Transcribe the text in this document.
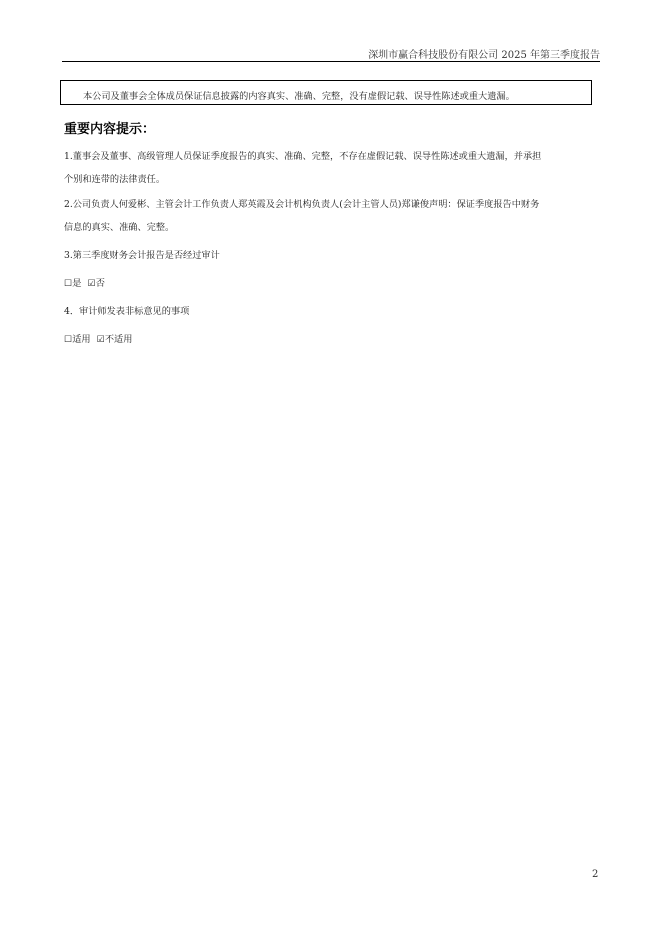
深圳市赢合科技股份有限公司 2025 年第三季度报告
本公司及董事会全体成员保证信息披露的内容真实、准确、完整，没有虚假记载、误导性陈述或重大遗漏。
重要内容提示：
1.董事会及董事、高级管理人员保证季度报告的真实、准确、完整，不存在虚假记载、误导性陈述或重大遗漏，并承担
个别和连带的法律责任。
2.公司负责人何爱彬、主管会计工作负责人郑英霞及会计机构负责人(会计主管人员)郑谦俊声明：保证季度报告中财务
信息的真实、准确、完整。
3.第三季度财务会计报告是否经过审计
☐是 ☑否
4．审计师发表非标意见的事项
☐适用 ☑不适用
2
